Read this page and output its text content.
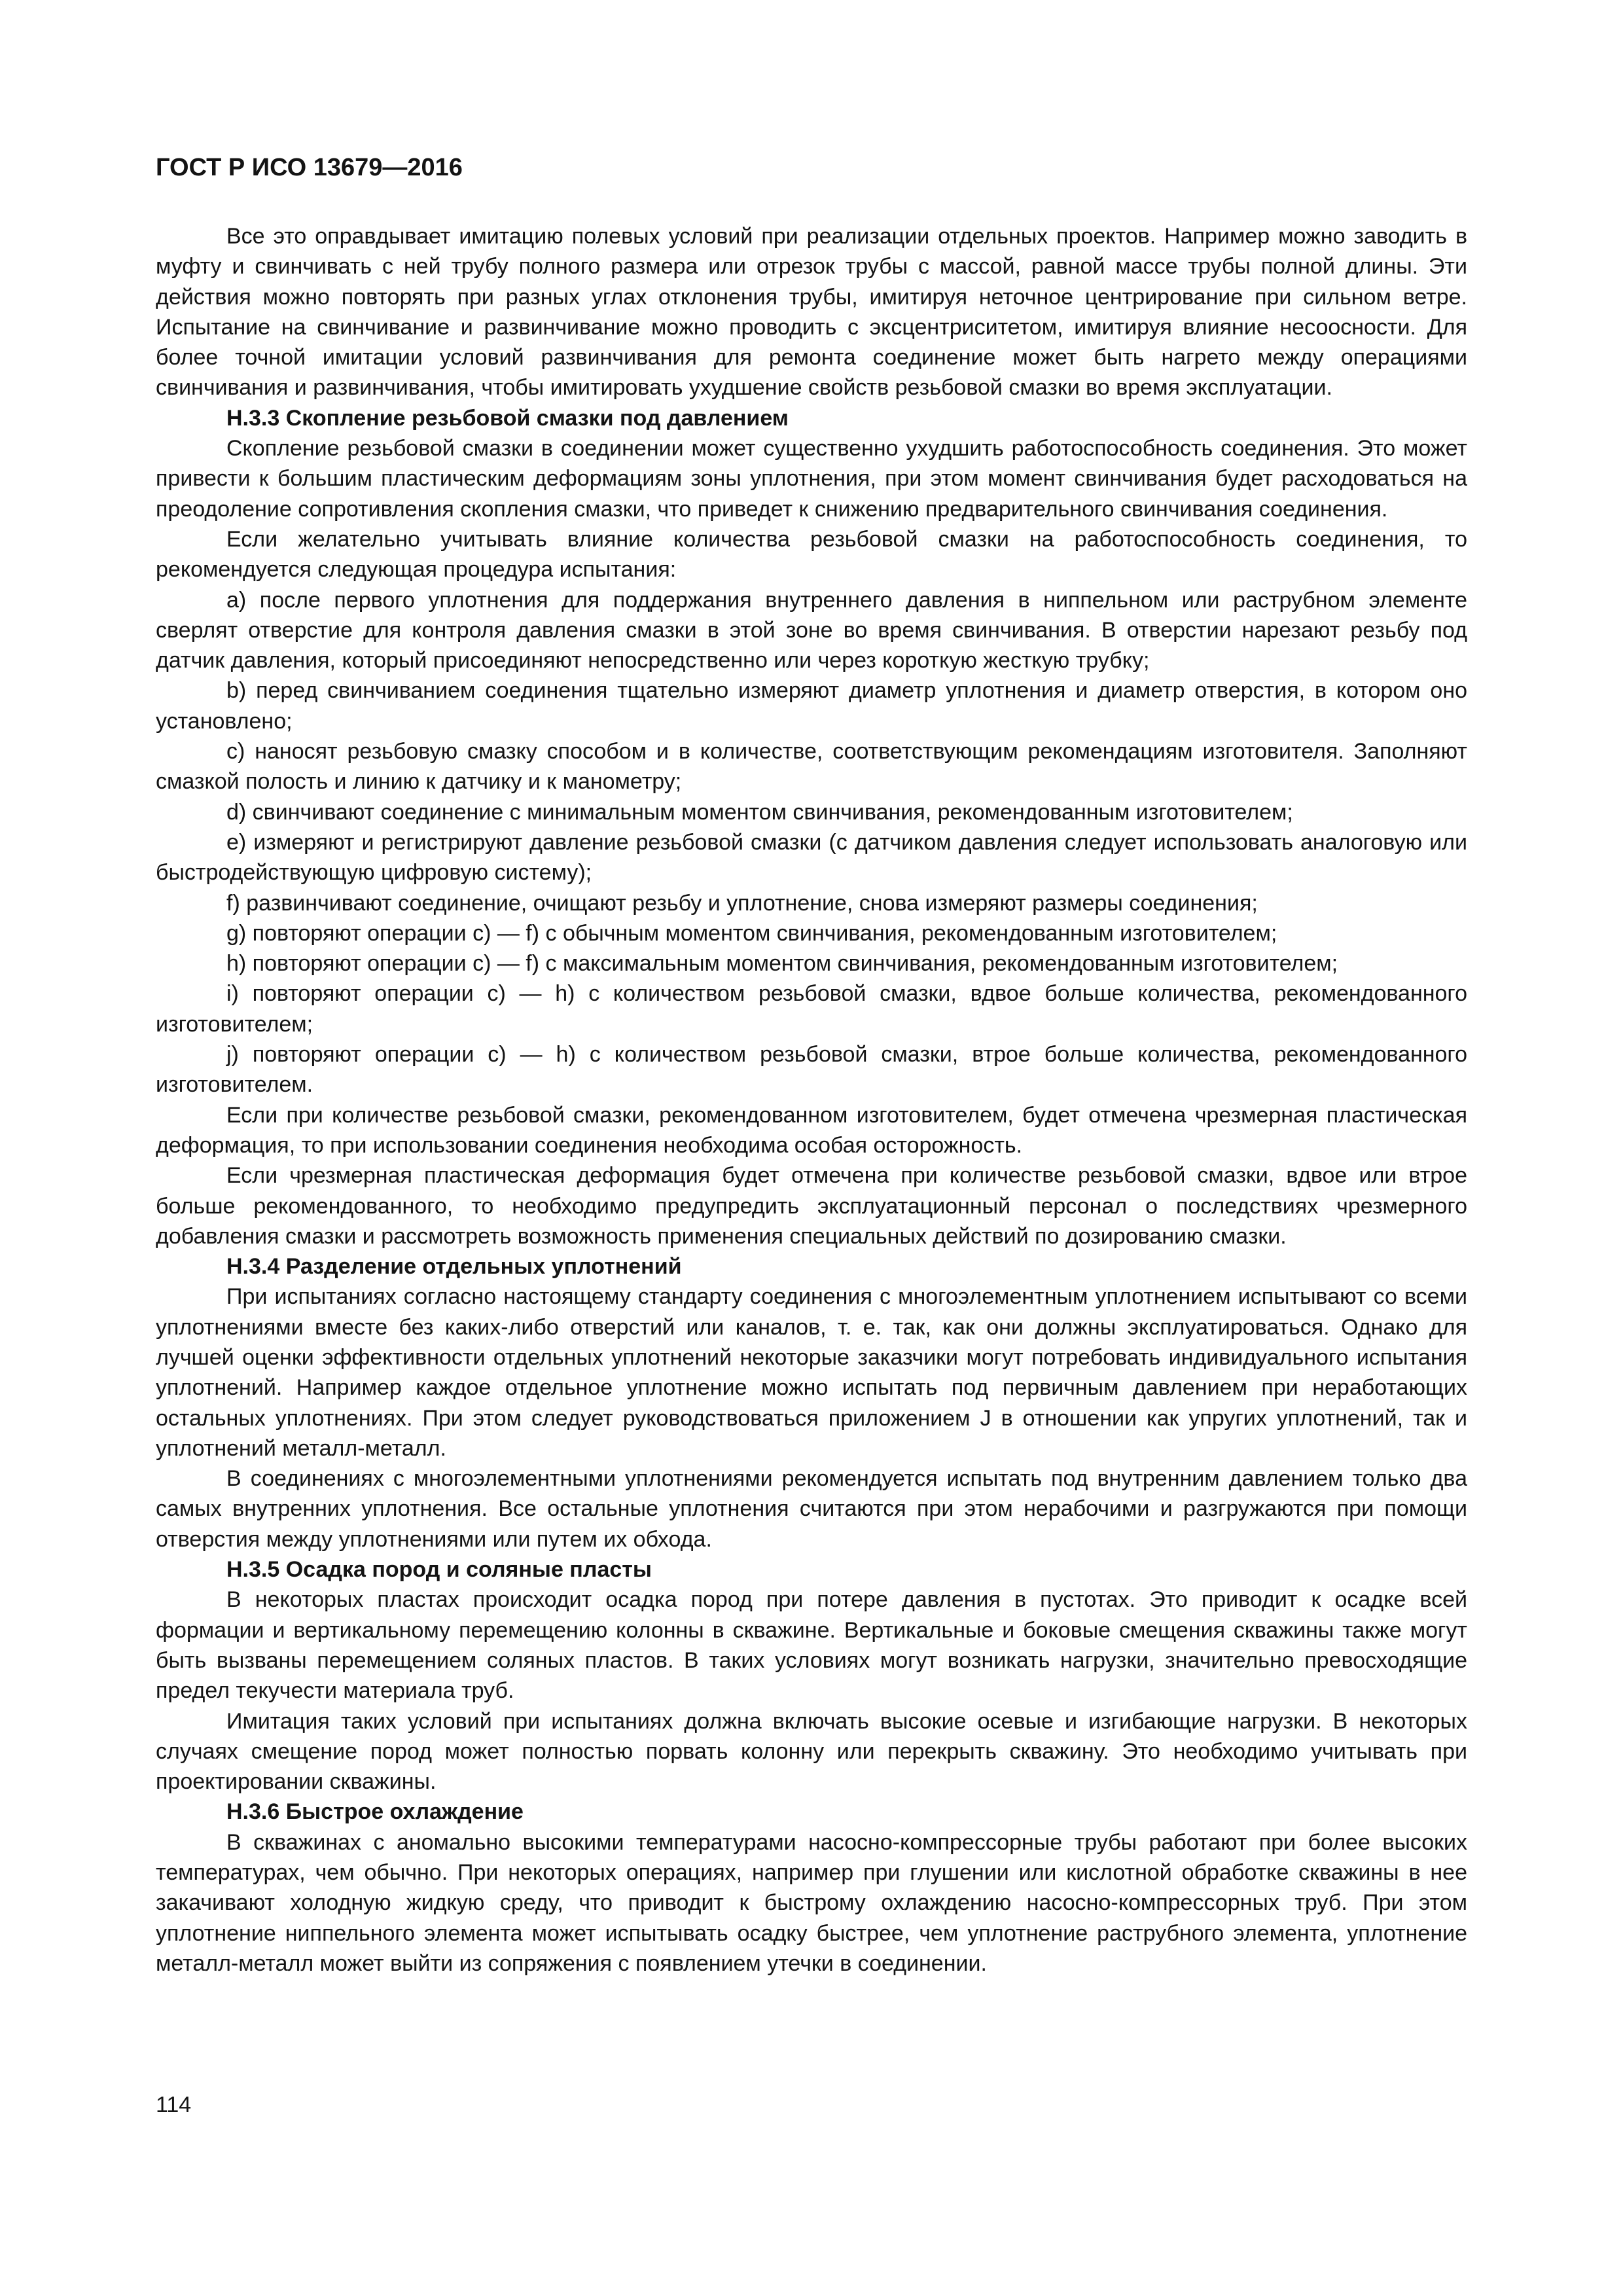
ГОСТ Р ИСО 13679—2016

Все это оправдывает имитацию полевых условий при реализации отдельных проектов. Например можно заводить в муфту и свинчивать с ней трубу полного размера или отрезок трубы с массой, равной массе трубы полной длины. Эти действия можно повторять при разных углах отклонения трубы, имитируя неточное центрирование при сильном ветре. Испытание на свинчивание и развинчивание можно проводить с эксцентриситетом, имитируя влияние несоосности. Для более точной имитации условий развинчивания для ремонта соединение может быть нагрето между операциями свинчивания и развинчивания, чтобы имитировать ухудшение свойств резьбовой смазки во время эксплуатации.

H.3.3 Скопление резьбовой смазки под давлением

Скопление резьбовой смазки в соединении может существенно ухудшить работоспособность соединения. Это может привести к большим пластическим деформациям зоны уплотнения, при этом момент свинчивания будет расходоваться на преодоление сопротивления скопления смазки, что приведет к снижению предварительного свинчивания соединения.

Если желательно учитывать влияние количества резьбовой смазки на работоспособность соединения, то рекомендуется следующая процедура испытания:

a) после первого уплотнения для поддержания внутреннего давления в ниппельном или раструбном элементе сверлят отверстие для контроля давления смазки в этой зоне во время свинчивания. В отверстии нарезают резьбу под датчик давления, который присоединяют непосредственно или через короткую жесткую трубку;

b) перед свинчиванием соединения тщательно измеряют диаметр уплотнения и диаметр отверстия, в котором оно установлено;

c) наносят резьбовую смазку способом и в количестве, соответствующим рекомендациям изготовителя. Заполняют смазкой полость и линию к датчику и к манометру;

d) свинчивают соединение с минимальным моментом свинчивания, рекомендованным изготовителем;

e) измеряют и регистрируют давление резьбовой смазки (с датчиком давления следует использовать аналоговую или быстродействующую цифровую систему);

f) развинчивают соединение, очищают резьбу и уплотнение, снова измеряют размеры соединения;

g) повторяют операции c) — f) с обычным моментом свинчивания, рекомендованным изготовителем;

h) повторяют операции c) — f) с максимальным моментом свинчивания, рекомендованным изготовителем;

i) повторяют операции c) — h) с количеством резьбовой смазки, вдвое больше количества, рекомендованного изготовителем;

j) повторяют операции c) — h) с количеством резьбовой смазки, втрое больше количества, рекомендованного изготовителем.

Если при количестве резьбовой смазки, рекомендованном изготовителем, будет отмечена чрезмерная пластическая деформация, то при использовании соединения необходима особая осторожность.

Если чрезмерная пластическая деформация будет отмечена при количестве резьбовой смазки, вдвое или втрое больше рекомендованного, то необходимо предупредить эксплуатационный персонал о последствиях чрезмерного добавления смазки и рассмотреть возможность применения специальных действий по дозированию смазки.

H.3.4 Разделение отдельных уплотнений

При испытаниях согласно настоящему стандарту соединения с многоэлементным уплотнением испытывают со всеми уплотнениями вместе без каких-либо отверстий или каналов, т. е. так, как они должны эксплуатироваться. Однако для лучшей оценки эффективности отдельных уплотнений некоторые заказчики могут потребовать индивидуального испытания уплотнений. Например каждое отдельное уплотнение можно испытать под первичным давлением при неработающих остальных уплотнениях. При этом следует руководствоваться приложением J в отношении как упругих уплотнений, так и уплотнений металл-металл.

В соединениях с многоэлементными уплотнениями рекомендуется испытать под внутренним давлением только два самых внутренних уплотнения. Все остальные уплотнения считаются при этом нерабочими и разгружаются при помощи отверстия между уплотнениями или путем их обхода.

H.3.5 Осадка пород и соляные пласты

В некоторых пластах происходит осадка пород при потере давления в пустотах. Это приводит к осадке всей формации и вертикальному перемещению колонны в скважине. Вертикальные и боковые смещения скважины также могут быть вызваны перемещением соляных пластов. В таких условиях могут возникать нагрузки, значительно превосходящие предел текучести материала труб.

Имитация таких условий при испытаниях должна включать высокие осевые и изгибающие нагрузки. В некоторых случаях смещение пород может полностью порвать колонну или перекрыть скважину. Это необходимо учитывать при проектировании скважины.

H.3.6 Быстрое охлаждение

В скважинах с аномально высокими температурами насосно-компрессорные трубы работают при более высоких температурах, чем обычно. При некоторых операциях, например при глушении или кислотной обработке скважины в нее закачивают холодную жидкую среду, что приводит к быстрому охлаждению насосно-компрессорных труб. При этом уплотнение ниппельного элемента может испытывать осадку быстрее, чем уплотнение раструбного элемента, уплотнение металл-металл может выйти из сопряжения с появлением утечки в соединении.

114
